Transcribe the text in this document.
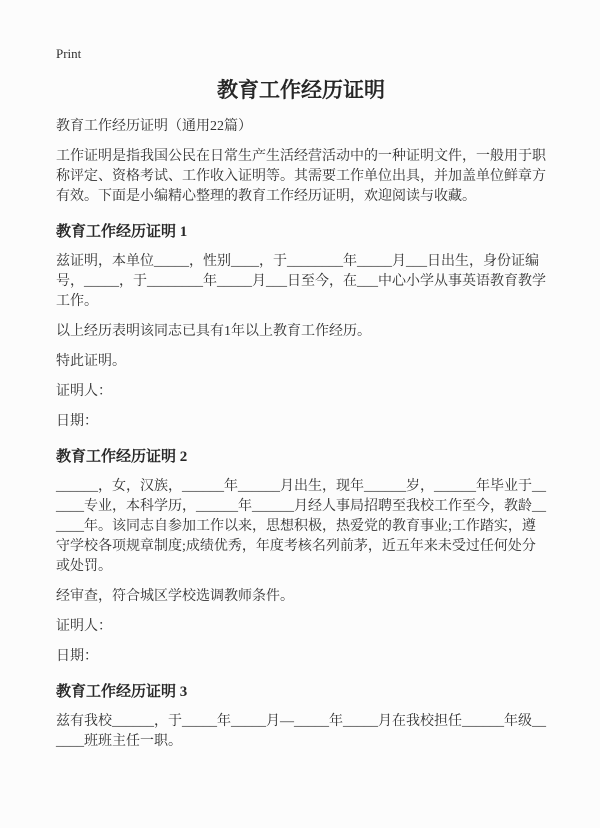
Print

教育工作经历证明

教育工作经历证明（通用22篇）

工作证明是指我国公民在日常生产生活经营活动中的一种证明文件，一般用于职称评定、资格考试、工作收入证明等。其需要工作单位出具，并加盖单位鲜章方有效。下面是小编精心整理的教育工作经历证明，欢迎阅读与收藏。

教育工作经历证明 1

兹证明，本单位_____，性别____，于________年_____月___日出生，身份证编号，_____，于________年_____月___日至今，在___中心小学从事英语教育教学工作。

以上经历表明该同志已具有1年以上教育工作经历。

特此证明。

证明人：

日期：

教育工作经历证明 2

______，女，汉族，______年______月出生，现年______岁，______年毕业于______专业，本科学历，______年______月经人事局招聘至我校工作至今，教龄______年。该同志自参加工作以来，思想积极，热爱党的教育事业;工作踏实，遵守学校各项规章制度;成绩优秀，年度考核名列前茅，近五年来未受过任何处分或处罚。

经审查，符合城区学校选调教师条件。

证明人：

日期：

教育工作经历证明 3

兹有我校______，于_____年_____月—_____年_____月在我校担任______年级______班班主任一职。
